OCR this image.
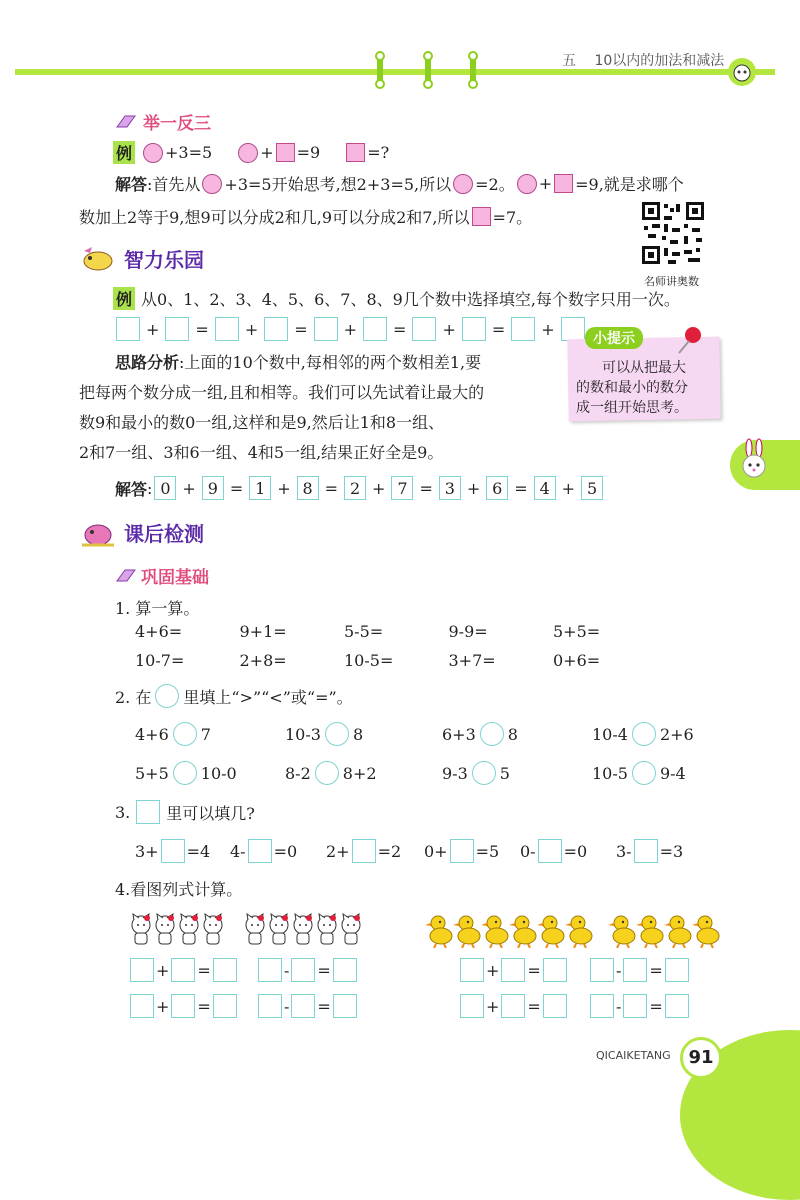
五 10以内的加法和减法
举一反三
例 +3=5	+ =9	=?
解答 :首先从 +3=5开始思考,想2+3=5,所以 =2。 + =9,就是求哪个
数加上2等于9,想9可以分成2和几,9可以分成2和7,所以 =7。
名师讲奥数
智力乐园
例 从0、1、2、3、4、5、6、7、8、9几个数中选择填空,每个数字只用一次。
+ = + = + = + = +
思路分析:上面的10个数中,每相邻的两个数相差1,要
把每两个数分成一组,且和相等。我们可以先试着让最大的
数9和最小的数0一组,这样和是9,然后让1和8一组、
2和7一组、3和6一组、4和5一组,结果正好全是9。
小提示
可以从把最大
的数和最小的数分
成一组开始思考。
解答 : 0 + 9 = 1 + 8 = 2 + 7 = 3 + 6 = 4 + 5
课后检测
巩固基础
1. 算一算。
4+6=	9+1=	5-5=	9-9=	5+5=
10-7=	2+8=	10-5=	3+7=	0+6=
2. 在 里填上“>”“<”或“=”。
4+6 7	10-3 8	6+3 8	10-4 2+6
5+5 10-0	8-2 8+2	9-3 5	10-5 9-4
3. 里可以填几?
3+ =4 4- =0 2+ =2 0+ =5 0- =0 3- =3
4.看图列式计算。
+ =
+ =
- =
- =
+ =
+ =
- =
- =
QICAIKETANG 91
